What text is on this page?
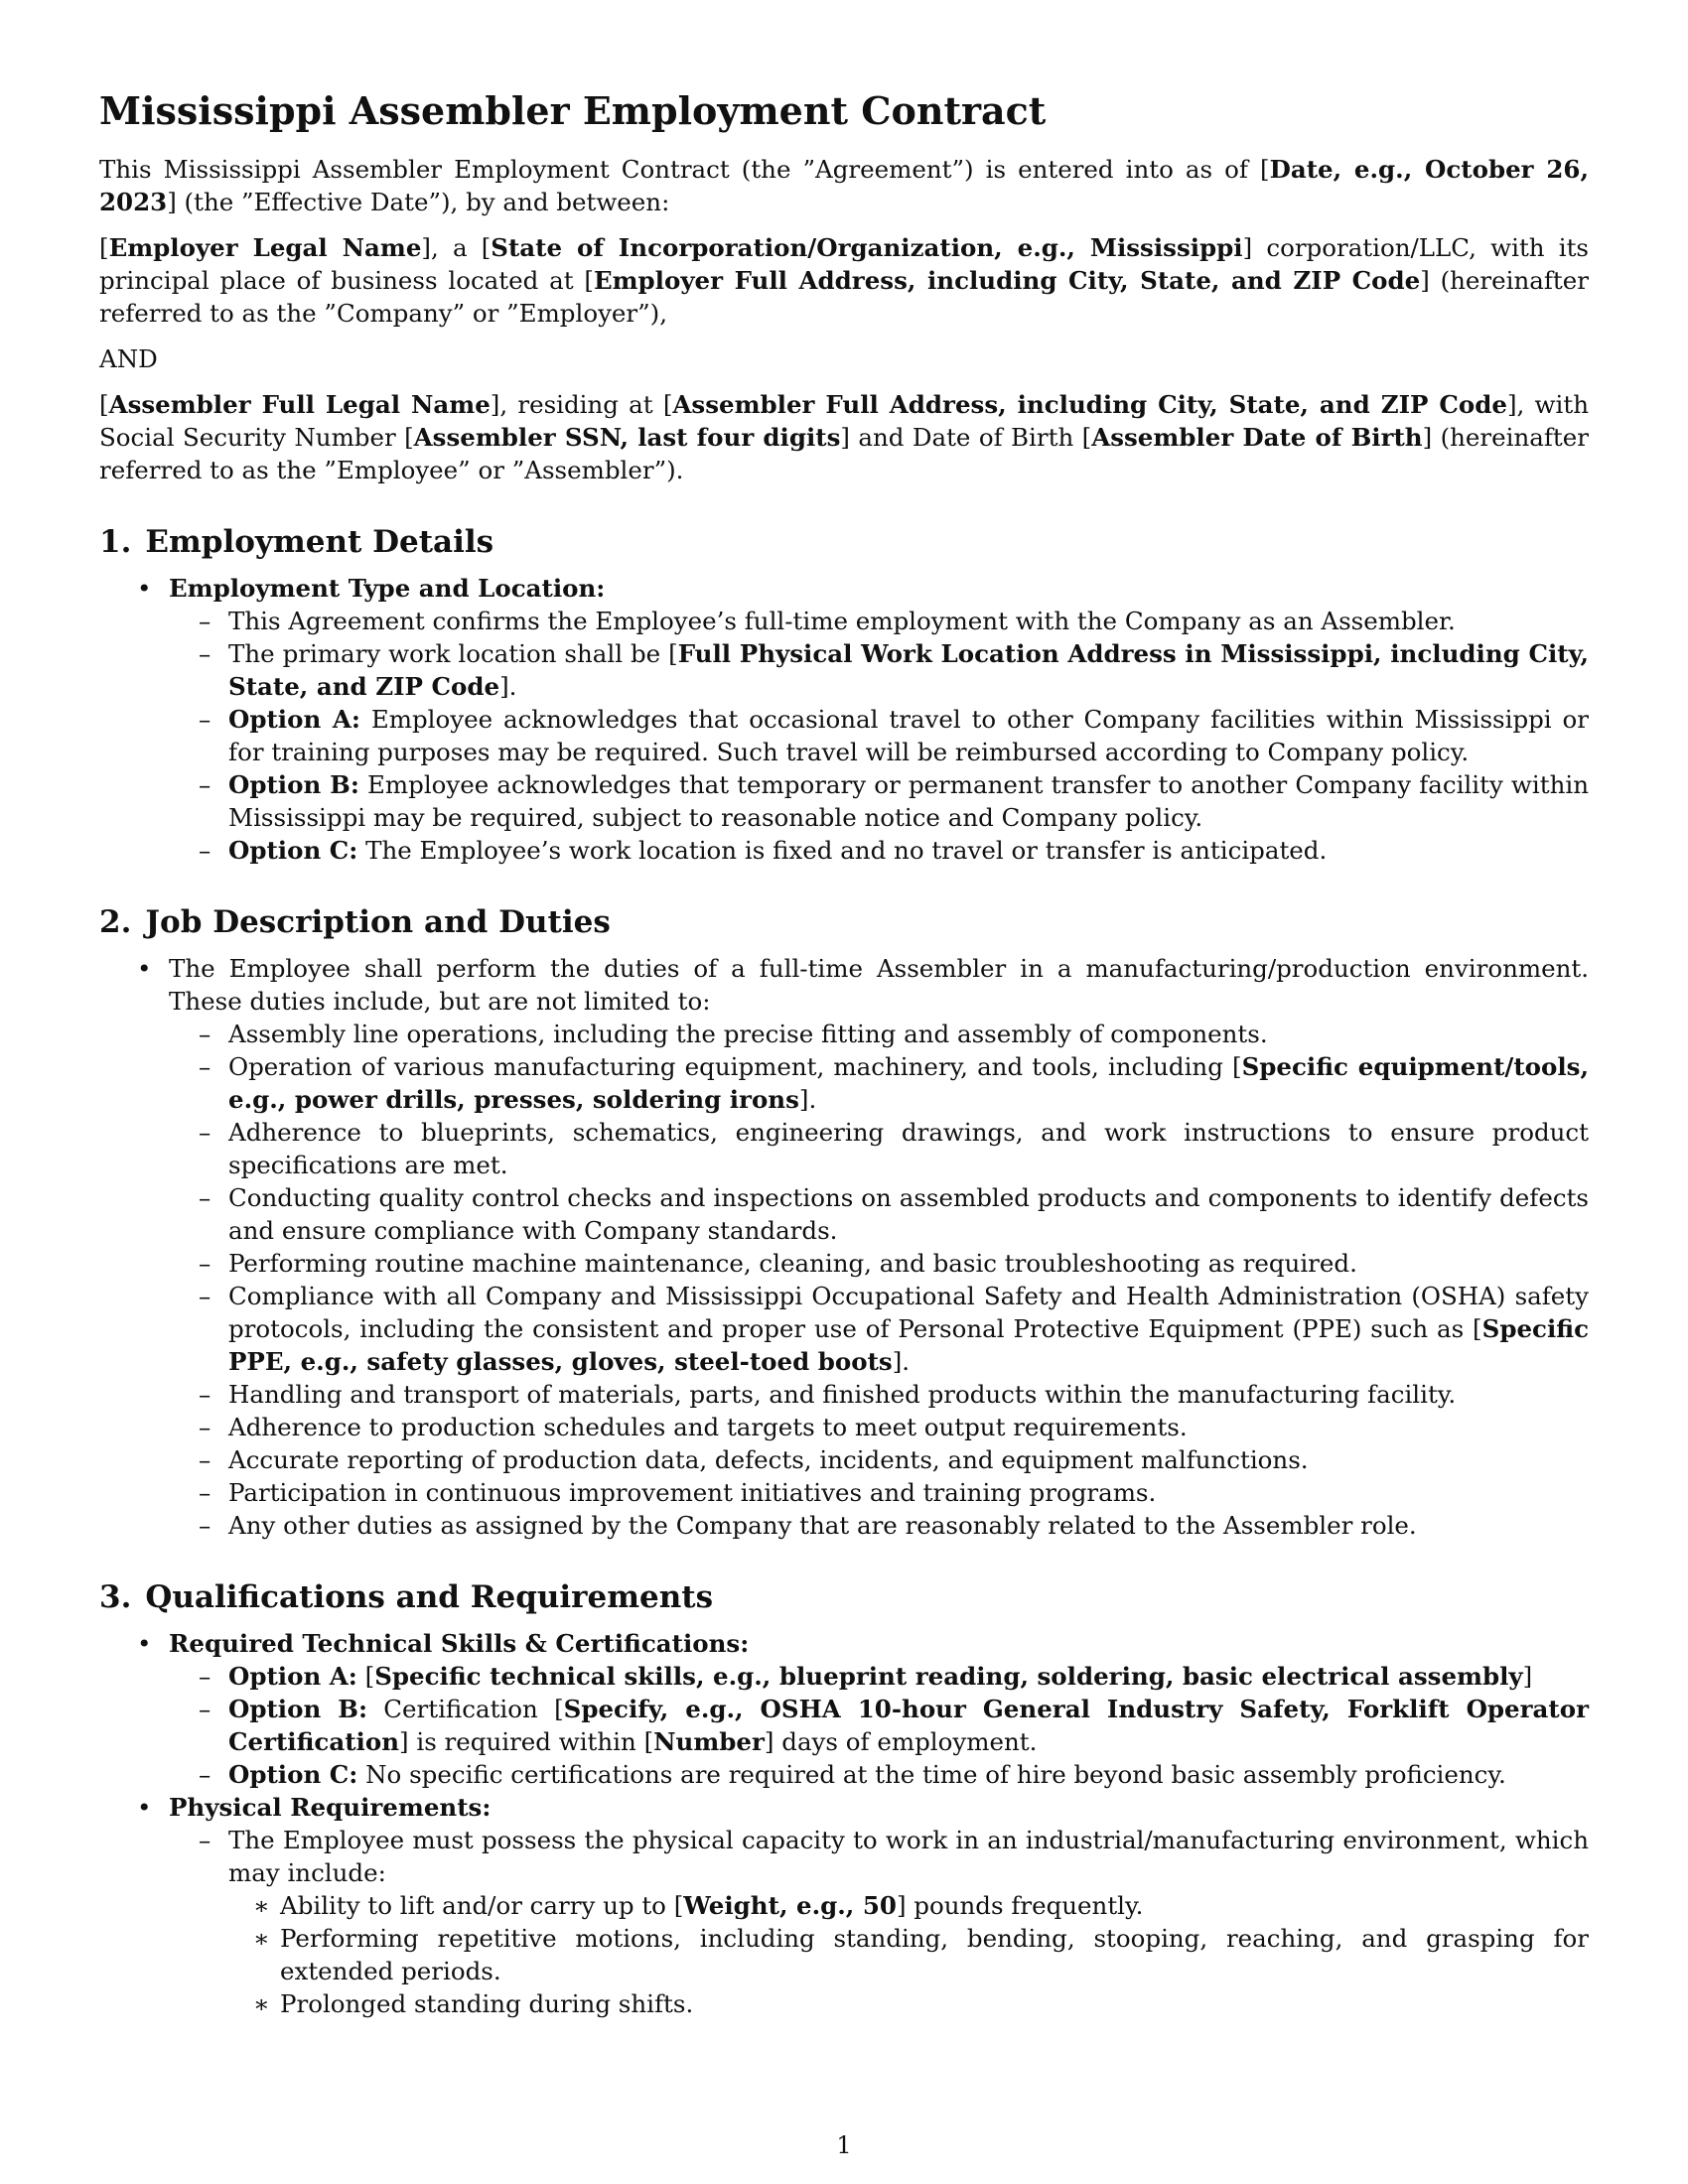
Mississippi Assembler Employment Contract

This Mississippi Assembler Employment Contract (the ”Agreement”) is entered into as of [Date, e.g., October 26, 2023] (the ”Effective Date”), by and between:

[Employer Legal Name], a [State of Incorporation/Organization, e.g., Mississippi] corporation/LLC, with its principal place of business located at [Employer Full Address, including City, State, and ZIP Code] (hereinafter referred to as the ”Company” or ”Employer”),

AND

[Assembler Full Legal Name], residing at [Assembler Full Address, including City, State, and ZIP Code], with Social Security Number [Assembler SSN, last four digits] and Date of Birth [Assembler Date of Birth] (hereinafter referred to as the ”Employee” or ”Assembler”).

1. Employment Details
• Employment Type and Location:
– This Agreement confirms the Employee’s full-time employment with the Company as an Assembler.
– The primary work location shall be [Full Physical Work Location Address in Mississippi, including City, State, and ZIP Code].
– Option A: Employee acknowledges that occasional travel to other Company facilities within Mississippi or for training purposes may be required. Such travel will be reimbursed according to Company policy.
– Option B: Employee acknowledges that temporary or permanent transfer to another Company facility within Mississippi may be required, subject to reasonable notice and Company policy.
– Option C: The Employee’s work location is fixed and no travel or transfer is anticipated.
2. Job Description and Duties
• The Employee shall perform the duties of a full-time Assembler in a manufacturing/production environment. These duties include, but are not limited to:
– Assembly line operations, including the precise fitting and assembly of components.
– Operation of various manufacturing equipment, machinery, and tools, including [Specific equipment/tools, e.g., power drills, presses, soldering irons].
– Adherence to blueprints, schematics, engineering drawings, and work instructions to ensure product specifications are met.
– Conducting quality control checks and inspections on assembled products and components to identify defects and ensure compliance with Company standards.
– Performing routine machine maintenance, cleaning, and basic troubleshooting as required.
– Compliance with all Company and Mississippi Occupational Safety and Health Administration (OSHA) safety protocols, including the consistent and proper use of Personal Protective Equipment (PPE) such as [Specific PPE, e.g., safety glasses, gloves, steel-toed boots].
– Handling and transport of materials, parts, and finished products within the manufacturing facility.
– Adherence to production schedules and targets to meet output requirements.
– Accurate reporting of production data, defects, incidents, and equipment malfunctions.
– Participation in continuous improvement initiatives and training programs.
– Any other duties as assigned by the Company that are reasonably related to the Assembler role.
3. Qualifications and Requirements
• Required Technical Skills & Certifications:
– Option A: [Specific technical skills, e.g., blueprint reading, soldering, basic electrical assembly]
– Option B: Certification [Specify, e.g., OSHA 10-hour General Industry Safety, Forklift Operator Certification] is required within [Number] days of employment.
– Option C: No specific certifications are required at the time of hire beyond basic assembly proficiency.
• Physical Requirements:
– The Employee must possess the physical capacity to work in an industrial/manufacturing environment, which may include:
∗ Ability to lift and/or carry up to [Weight, e.g., 50] pounds frequently.
∗ Performing repetitive motions, including standing, bending, stooping, reaching, and grasping for extended periods.
∗ Prolonged standing during shifts.
1
